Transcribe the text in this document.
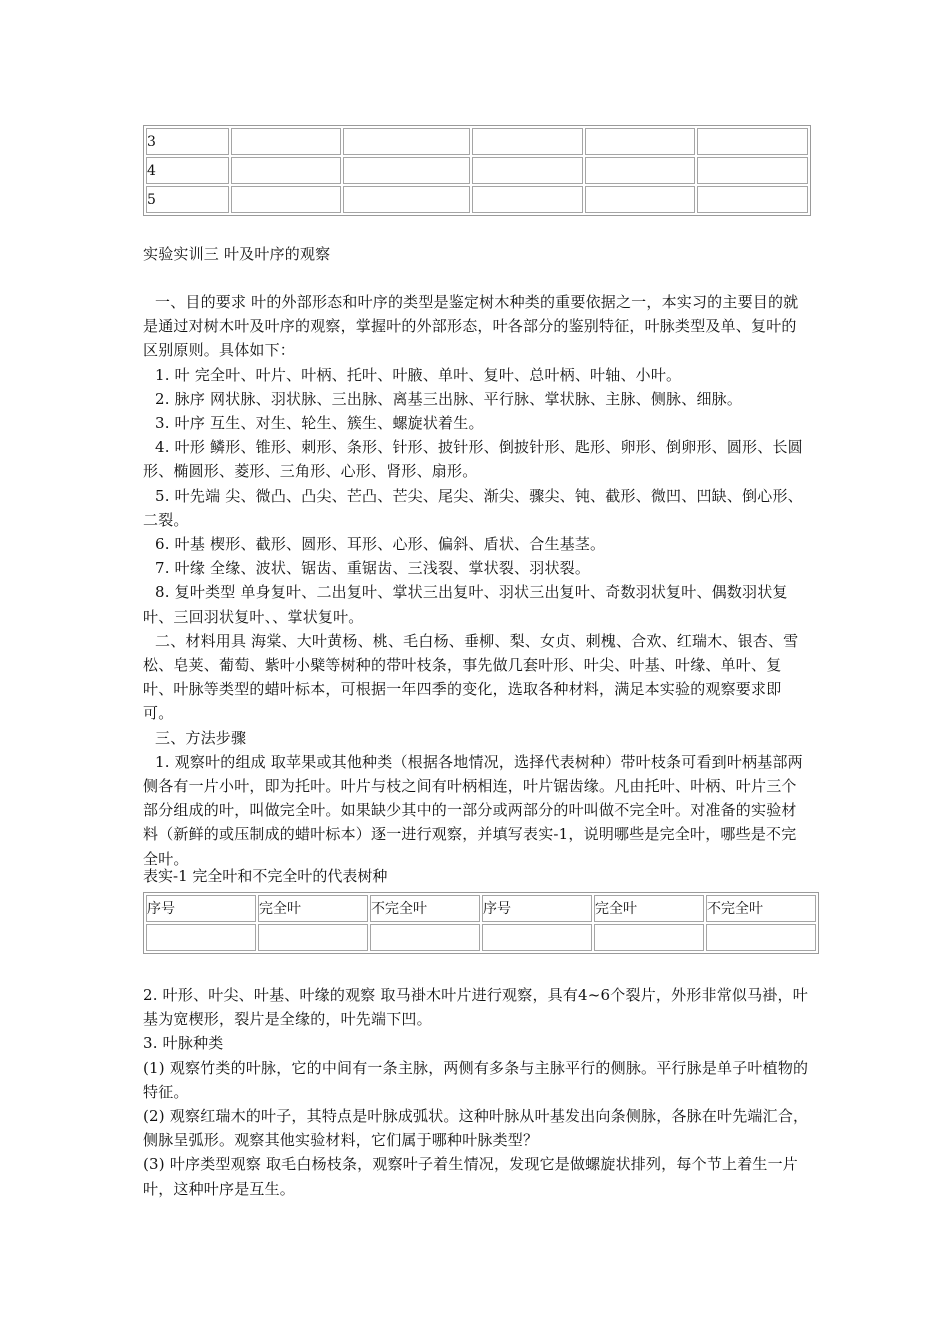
3					
4					
5					

实验实训三 叶及叶序的观察

一、目的要求 叶的外部形态和叶序的类型是鉴定树木种类的重要依据之一，本实习的主要目的就是通过对树木叶及叶序的观察，掌握叶的外部形态，叶各部分的鉴别特征，叶脉类型及单、复叶的区别原则。具体如下：

1. 叶 完全叶、叶片、叶柄、托叶、叶腋、单叶、复叶、总叶柄、叶轴、小叶。

2. 脉序 网状脉、羽状脉、三出脉、离基三出脉、平行脉、掌状脉、主脉、侧脉、细脉。

3. 叶序 互生、对生、轮生、簇生、螺旋状着生。

4. 叶形 鳞形、锥形、刺形、条形、针形、披针形、倒披针形、匙形、卵形、倒卵形、圆形、长圆形、椭圆形、菱形、三角形、心形、肾形、扇形。

5. 叶先端 尖、微凸、凸尖、芒凸、芒尖、尾尖、渐尖、骤尖、钝、截形、微凹、凹缺、倒心形、二裂。

6. 叶基 楔形、截形、圆形、耳形、心形、偏斜、盾状、合生基茎。

7. 叶缘 全缘、波状、锯齿、重锯齿、三浅裂、掌状裂、羽状裂。

8. 复叶类型 单身复叶、二出复叶、掌状三出复叶、羽状三出复叶、奇数羽状复叶、偶数羽状复叶、三回羽状复叶、、掌状复叶。

二、材料用具 海棠、大叶黄杨、桃、毛白杨、垂柳、梨、女贞、刺槐、合欢、红瑞木、银杏、雪松、皂荚、葡萄、紫叶小檗等树种的带叶枝条，事先做几套叶形、叶尖、叶基、叶缘、单叶、复叶、叶脉等类型的蜡叶标本，可根据一年四季的变化，选取各种材料，满足本实验的观察要求即可。

三、方法步骤

1. 观察叶的组成 取苹果或其他种类（根据各地情况，选择代表树种）带叶枝条可看到叶柄基部两侧各有一片小叶，即为托叶。叶片与枝之间有叶柄相连，叶片锯齿缘。凡由托叶、叶柄、叶片三个部分组成的叶，叫做完全叶。如果缺少其中的一部分或两部分的叶叫做不完全叶。对准备的实验材料（新鲜的或压制成的蜡叶标本）逐一进行观察，并填写表实-1，说明哪些是完全叶，哪些是不完全叶。

表实-1 完全叶和不完全叶的代表树种
序号	完全叶	不完全叶	序号	完全叶	不完全叶

2. 叶形、叶尖、叶基、叶缘的观察 取马褂木叶片进行观察，具有4~6个裂片，外形非常似马褂，叶基为宽楔形，裂片是全缘的，叶先端下凹。

3. 叶脉种类

(1) 观察竹类的叶脉，它的中间有一条主脉，两侧有多条与主脉平行的侧脉。平行脉是单子叶植物的特征。

(2) 观察红瑞木的叶子，其特点是叶脉成弧状。这种叶脉从叶基发出向条侧脉，各脉在叶先端汇合，侧脉呈弧形。观察其他实验材料，它们属于哪种叶脉类型？

(3) 叶序类型观察 取毛白杨枝条，观察叶子着生情况，发现它是做螺旋状排列，每个节上着生一片叶，这种叶序是互生。
